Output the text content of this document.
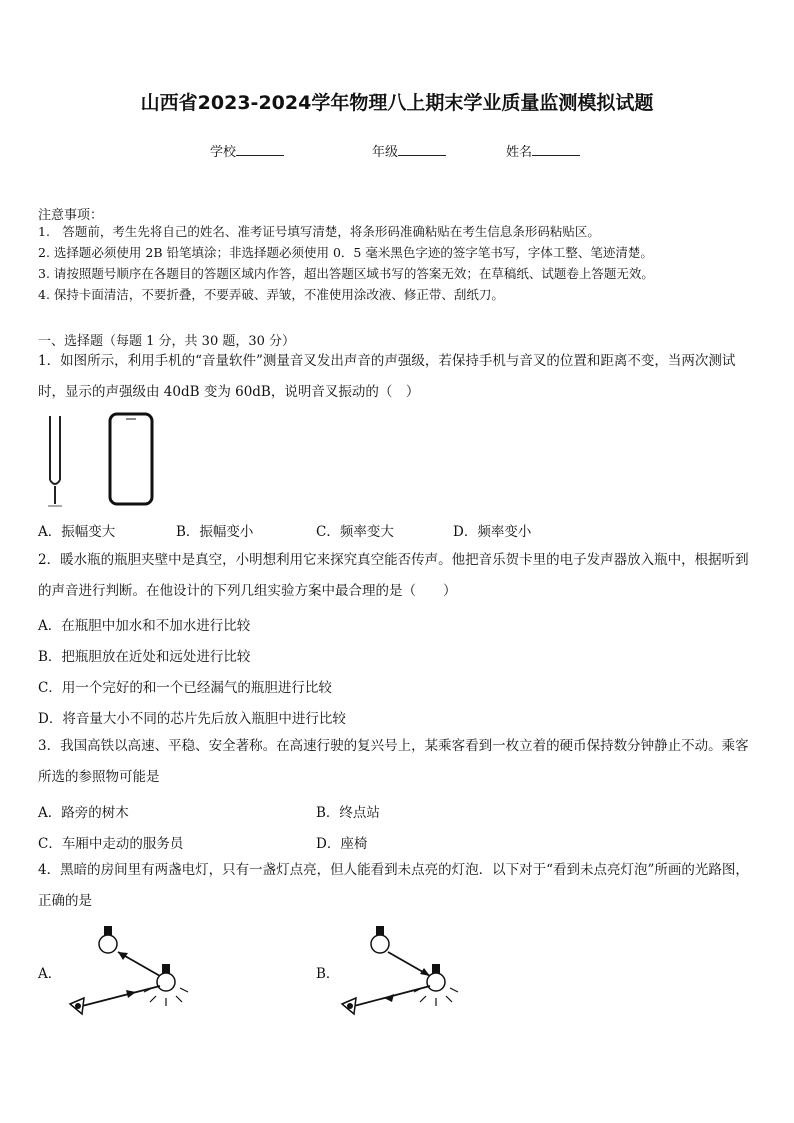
山西省2023-2024学年物理八上期末学业质量监测模拟试题
学校	年级	姓名
注意事项：
1.　答题前，考生先将自己的姓名、准考证号填写清楚，将条形码准确粘贴在考生信息条形码粘贴区。
2. 选择题必须使用 2B 铅笔填涂；非选择题必须使用 0．5 毫米黑色字迹的签字笔书写，字体工整、笔迹清楚。
3. 请按照题号顺序在各题目的答题区域内作答，超出答题区域书写的答案无效；在草稿纸、试题卷上答题无效。
4. 保持卡面清洁，不要折叠，不要弄破、弄皱，不准使用涂改液、修正带、刮纸刀。
一、选择题（每题 1 分，共 30 题，30 分）
1．如图所示，利用手机的“音量软件”测量音叉发出声音的声强级，若保持手机与音叉的位置和距离不变，当两次测试时，显示的声强级由 40dB 变为 60dB，说明音叉振动的（　）
A．振幅变大	B．振幅变小	C．频率变大	D．频率变小
2．暖水瓶的瓶胆夹壁中是真空，小明想利用它来探究真空能否传声。他把音乐贺卡里的电子发声器放入瓶中，根据听到的声音进行判断。在他设计的下列几组实验方案中最合理的是（　　）
A．在瓶胆中加水和不加水进行比较
B．把瓶胆放在近处和远处进行比较
C．用一个完好的和一个已经漏气的瓶胆进行比较
D．将音量大小不同的芯片先后放入瓶胆中进行比较
3．我国高铁以高速、平稳、安全著称。在高速行驶的复兴号上，某乘客看到一枚立着的硬币保持数分钟静止不动。乘客所选的参照物可能是
A．路旁的树木	B．终点站
C．车厢中走动的服务员	D．座椅
4．黑暗的房间里有两盏电灯，只有一盏灯点亮，但人能看到未点亮的灯泡．以下对于“看到未点亮灯泡”所画的光路图，正确的是
A．	B．
